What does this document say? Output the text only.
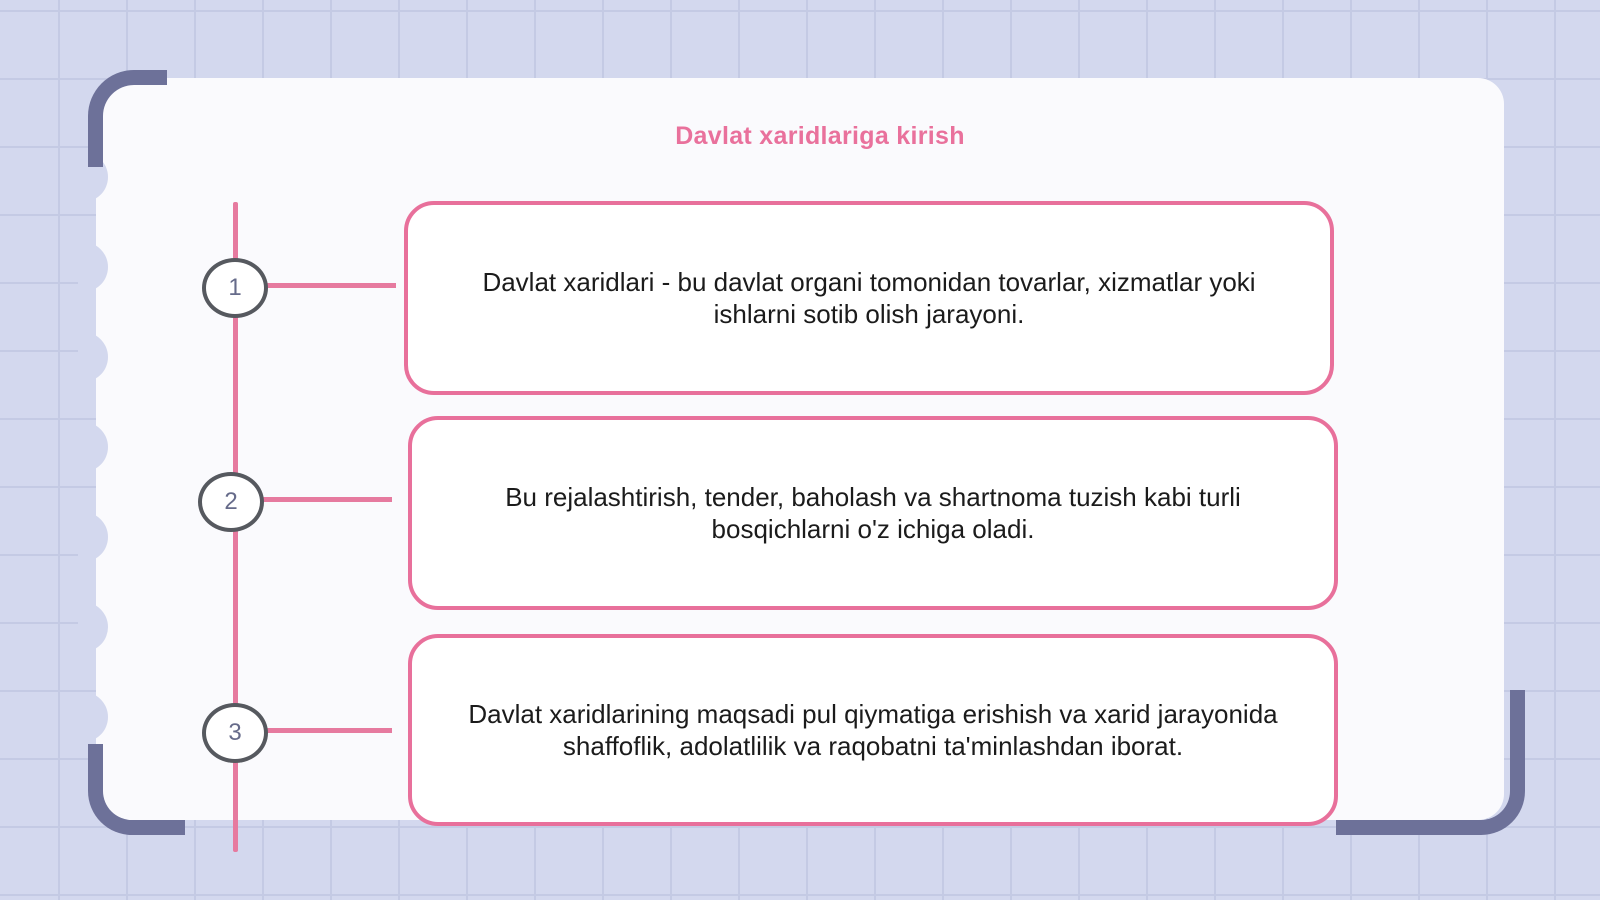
Davlat xaridlariga kirish
1	Davlat xaridlari - bu davlat organi tomonidan tovarlar, xizmatlar yoki ishlarni sotib olish jarayoni.
2	Bu rejalashtirish, tender, baholash va shartnoma tuzish kabi turli bosqichlarni o'z ichiga oladi.
3
Davlat xaridlarining maqsadi pul qiymatiga erishish va xarid jarayonida shaffoflik, adolatlilik va raqobatni ta'minlashdan iborat.
